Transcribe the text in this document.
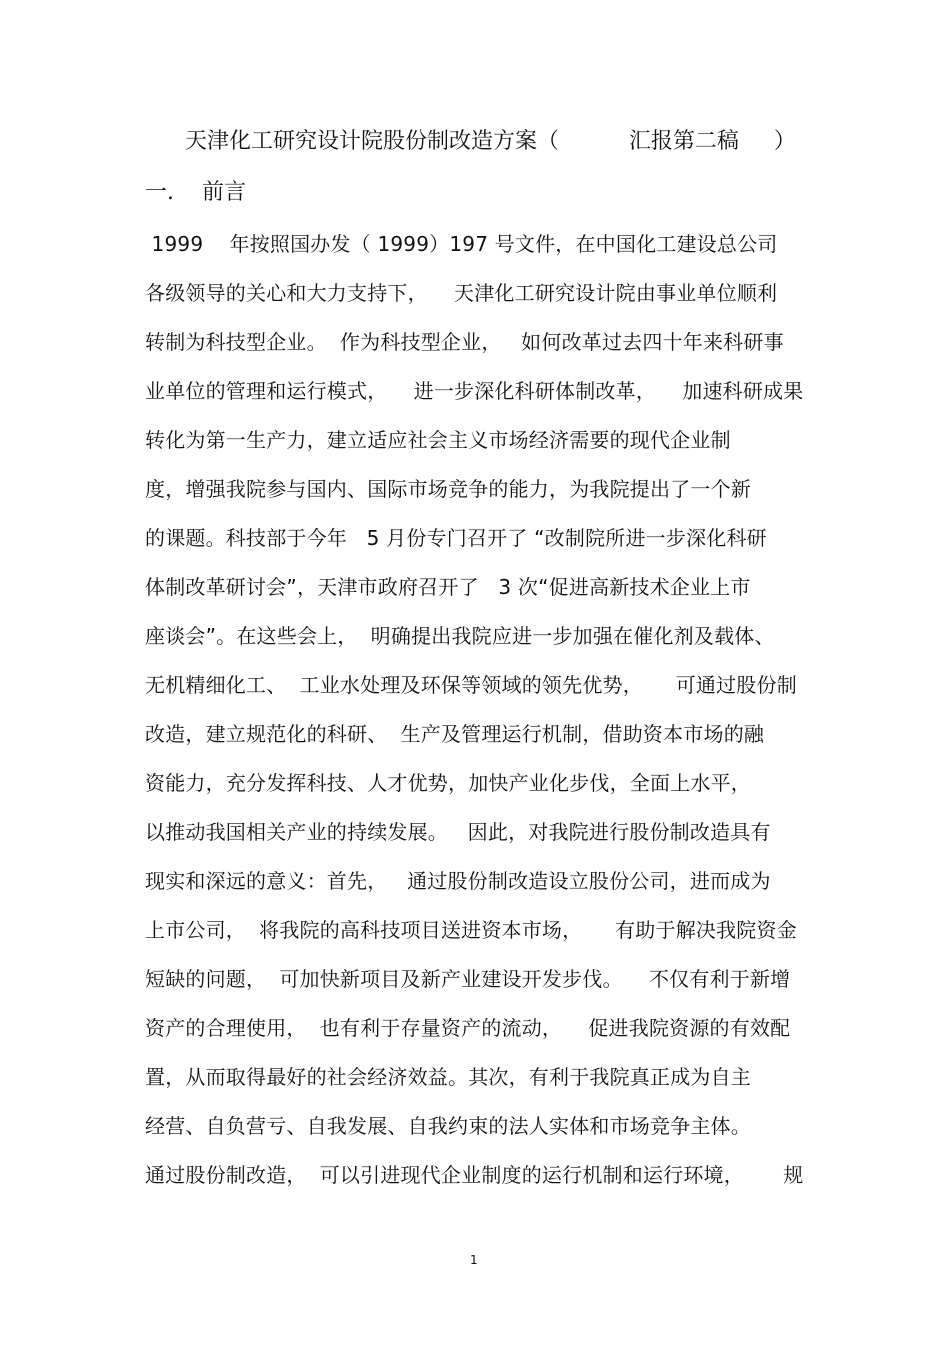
天津化工研究设计院股份制改造方案（          汇报第二稿     ）
一.    前言
1999    年按照国办发（ 1999）197 号文件，在中国化工建设总公司
各级领导的关心和大力支持下，    天津化工研究设计院由事业单位顺利
转制为科技型企业。  作为科技型企业，   如何改革过去四十年来科研事
业单位的管理和运行模式，    进一步深化科研体制改革，    加速科研成果
转化为第一生产力，建立适应社会主义市场经济需要的现代企业制
度，增强我院参与国内、国际市场竞争的能力，为我院提出了一个新
的课题。科技部于今年   5 月份专门召开了 “改制院所进一步深化科研
体制改革研讨会”，天津市政府召开了   3 次“促进高新技术企业上市
座谈会”。在这些会上，  明确提出我院应进一步加强在催化剂及载体、
无机精细化工、  工业水处理及环保等领域的领先优势，     可通过股份制
改造，建立规范化的科研、  生产及管理运行机制，借助资本市场的融
资能力，充分发挥科技、人才优势，加快产业化步伐，全面上水平，
以推动我国相关产业的持续发展。   因此，对我院进行股份制改造具有
现实和深远的意义：首先，   通过股份制改造设立股份公司，进而成为
上市公司，  将我院的高科技项目送进资本市场，     有助于解决我院资金
短缺的问题，  可加快新项目及新产业建设开发步伐。    不仅有利于新增
资产的合理使用，  也有利于存量资产的流动，    促进我院资源的有效配
置，从而取得最好的社会经济效益。其次，有利于我院真正成为自主
经营、自负营亏、自我发展、自我约束的法人实体和市场竞争主体。
通过股份制改造，  可以引进现代企业制度的运行机制和运行环境，      规
1
